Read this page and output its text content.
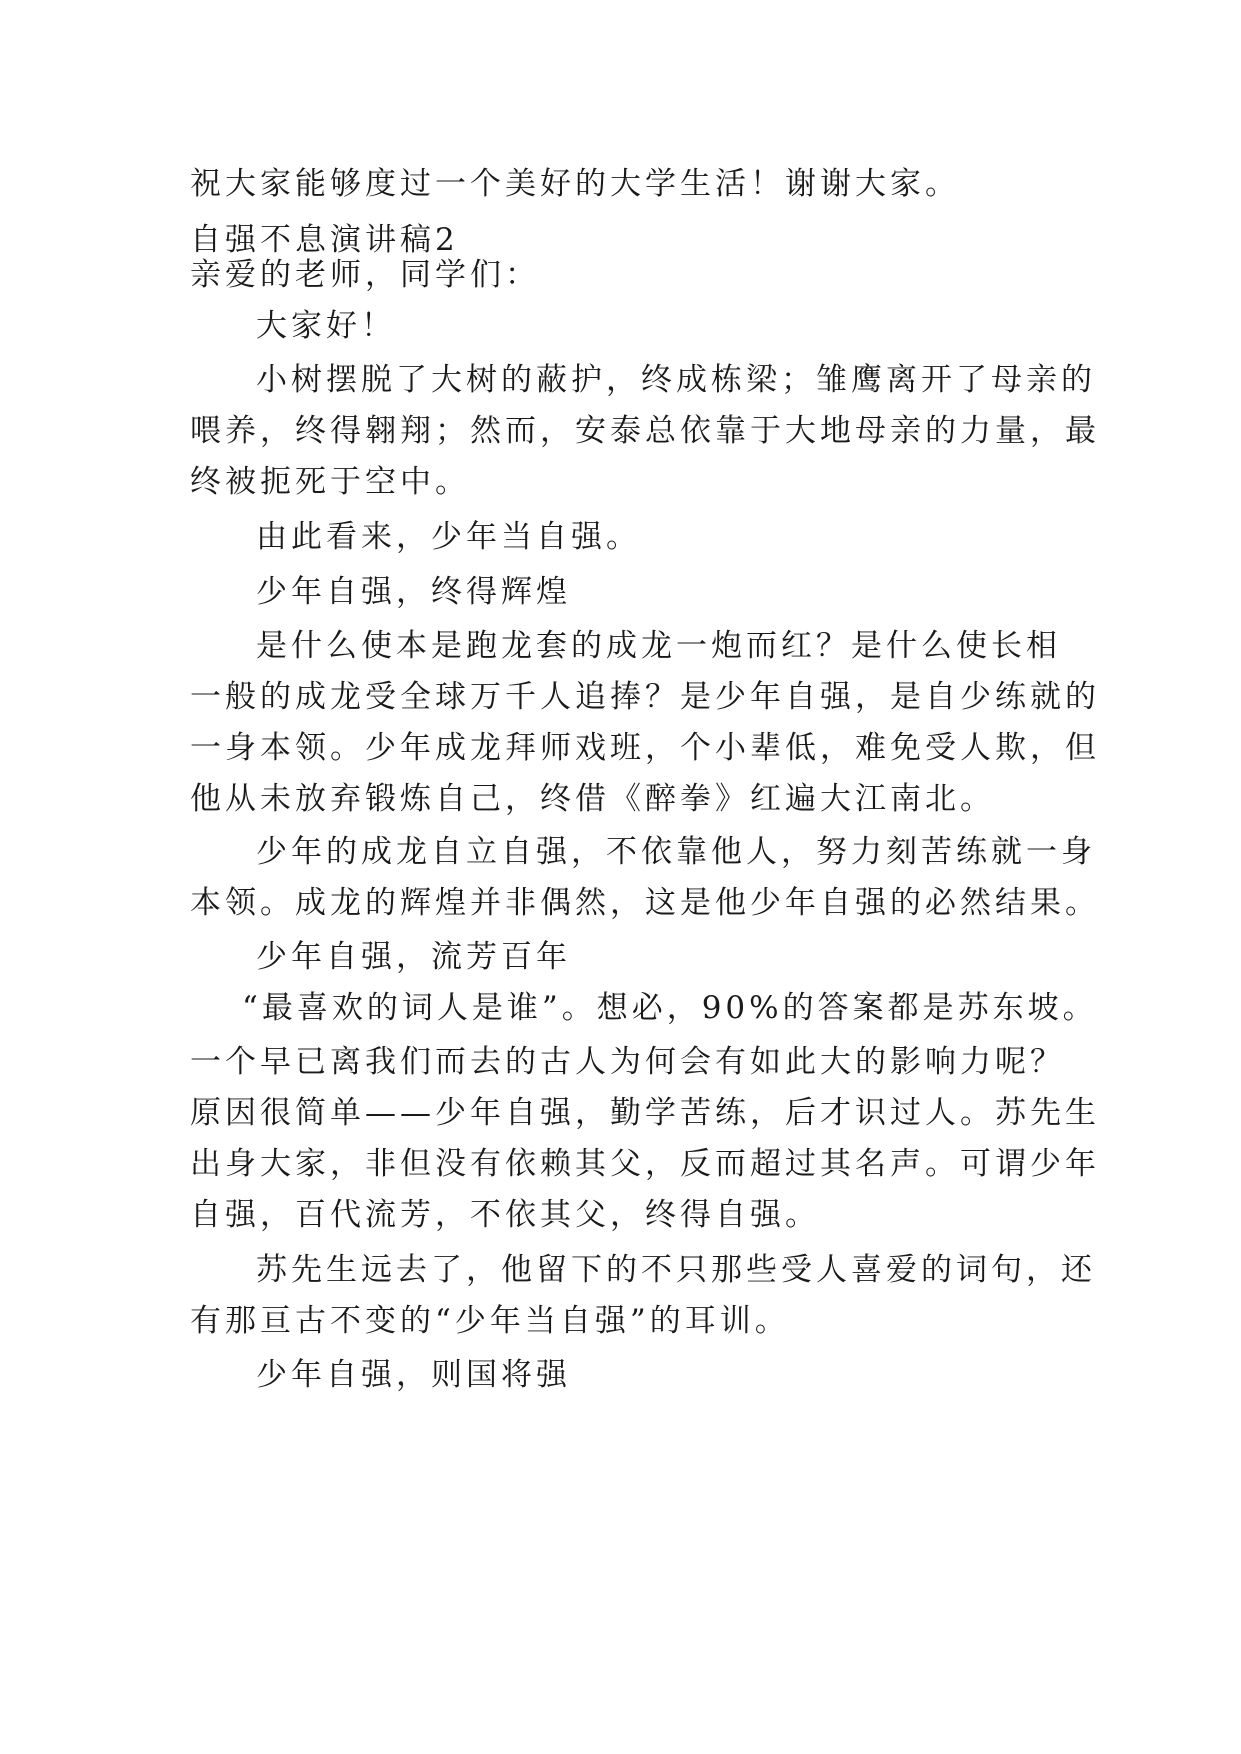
祝大家能够度过一个美好的大学生活！谢谢大家。

自强不息演讲稿2

亲爱的老师，同学们：

大家好！

小树摆脱了大树的蔽护，终成栋梁；雏鹰离开了母亲的

喂养，终得翱翔；然而，安泰总依靠于大地母亲的力量，最

终被扼死于空中。

由此看来，少年当自强。

少年自强，终得辉煌

是什么使本是跑龙套的成龙一炮而红？是什么使长相

一般的成龙受全球万千人追捧？是少年自强，是自少练就的

一身本领。少年成龙拜师戏班，个小辈低，难免受人欺，但

他从未放弃锻炼自己，终借《醉拳》红遍大江南北。

少年的成龙自立自强，不依靠他人，努力刻苦练就一身

本领。成龙的辉煌并非偶然，这是他少年自强的必然结果。

少年自强，流芳百年

“最喜欢的词人是谁”。想必，90%的答案都是苏东坡。

一个早已离我们而去的古人为何会有如此大的影响力呢？

原因很简单——少年自强，勤学苦练，后才识过人。苏先生

出身大家，非但没有依赖其父，反而超过其名声。可谓少年

自强，百代流芳，不依其父，终得自强。

苏先生远去了，他留下的不只那些受人喜爱的词句，还

有那亘古不变的“少年当自强”的耳训。

少年自强，则国将强
